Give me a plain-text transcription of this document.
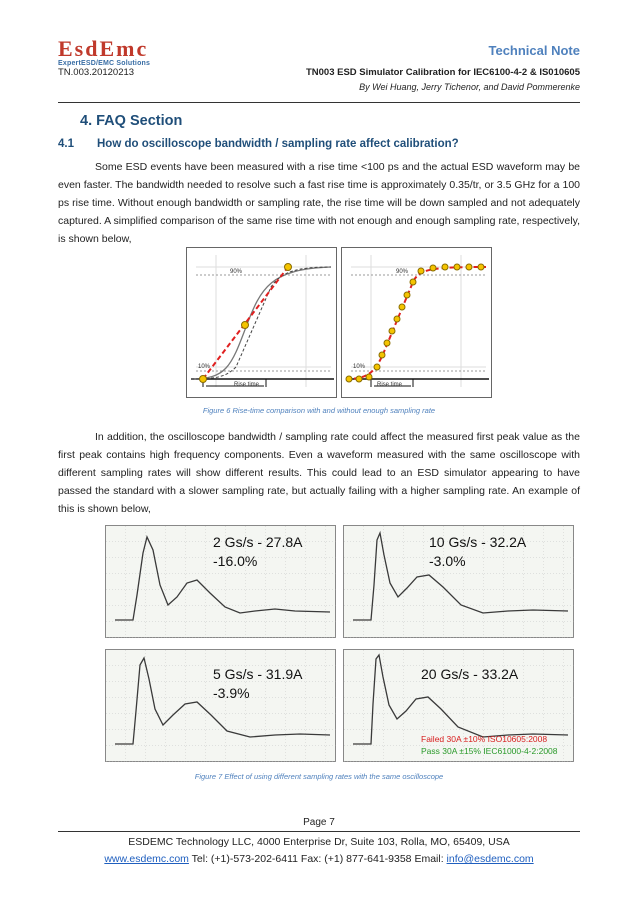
EsdEmc
ExpertESD/EMC Solutions
TN.003.20120213
Technical Note
TN003 ESD Simulator Calibration for IEC6100-4-2 & IS010605
By Wei Huang, Jerry Tichenor, and David Pommerenke
4. FAQ Section
4.1 How do oscilloscope bandwidth / sampling rate affect calibration?

Some ESD events have been measured with a rise time <100 ps and the actual ESD waveform may be even faster. The bandwidth needed to resolve such a fast rise time is approximately 0.35/tr, or 3.5 GHz for a 100 ps rise time. Without enough bandwidth or sampling rate, the rise time will be down sampled and not adequately captured. A simplified comparison of the same rise time with not enough and enough sampling rate, respectively, is shown below,

90%
10%
Rise time
90%
10%
Rise time
Figure 6 Rise-time comparison with and without enough sampling rate

In addition, the oscilloscope bandwidth / sampling rate could affect the measured first peak value as the first peak contains high frequency components. Even a waveform measured with the same oscilloscope with different sampling rates will show different results. This could lead to an ESD simulator appearing to have passed the standard with a slower sampling rate, but actually failing with a higher sampling rate. An example of this is shown below,

2 Gs/s - 27.8A
-16.0%
10 Gs/s - 32.2A
-3.0%
5 Gs/s - 31.9A
-3.9%
20 Gs/s - 33.2A
Failed 30A ±10% ISO10605:2008
Pass 30A ±15% IEC61000-4-2:2008
Figure 7 Effect of using different sampling rates with the same oscilloscope
Page 7
ESDEMC Technology LLC, 4000 Enterprise Dr, Suite 103, Rolla, MO, 65409, USA
www.esdemc.com Tel: (+1)-573-202-6411 Fax: (+1) 877-641-9358 Email: info@esdemc.com
